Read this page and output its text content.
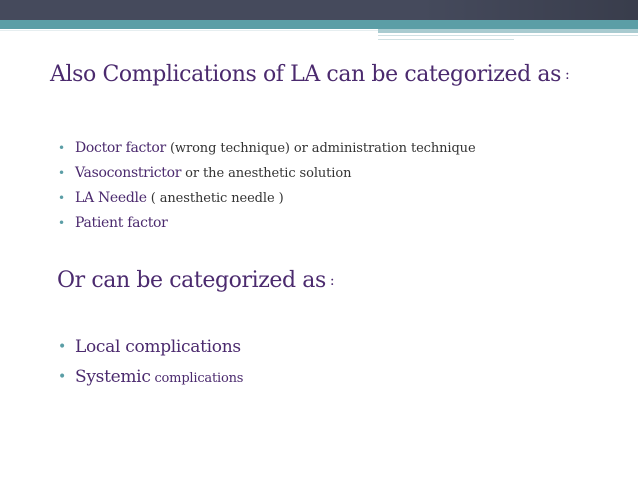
Also Complications of LA can be categorized as :
• Doctor factor (wrong technique) or administration technique
• Vasoconstrictor or the anesthetic solution
• LA Needle ( anesthetic needle )
• Patient factor
Or can be categorized as :
• Local complications
• Systemic complications
